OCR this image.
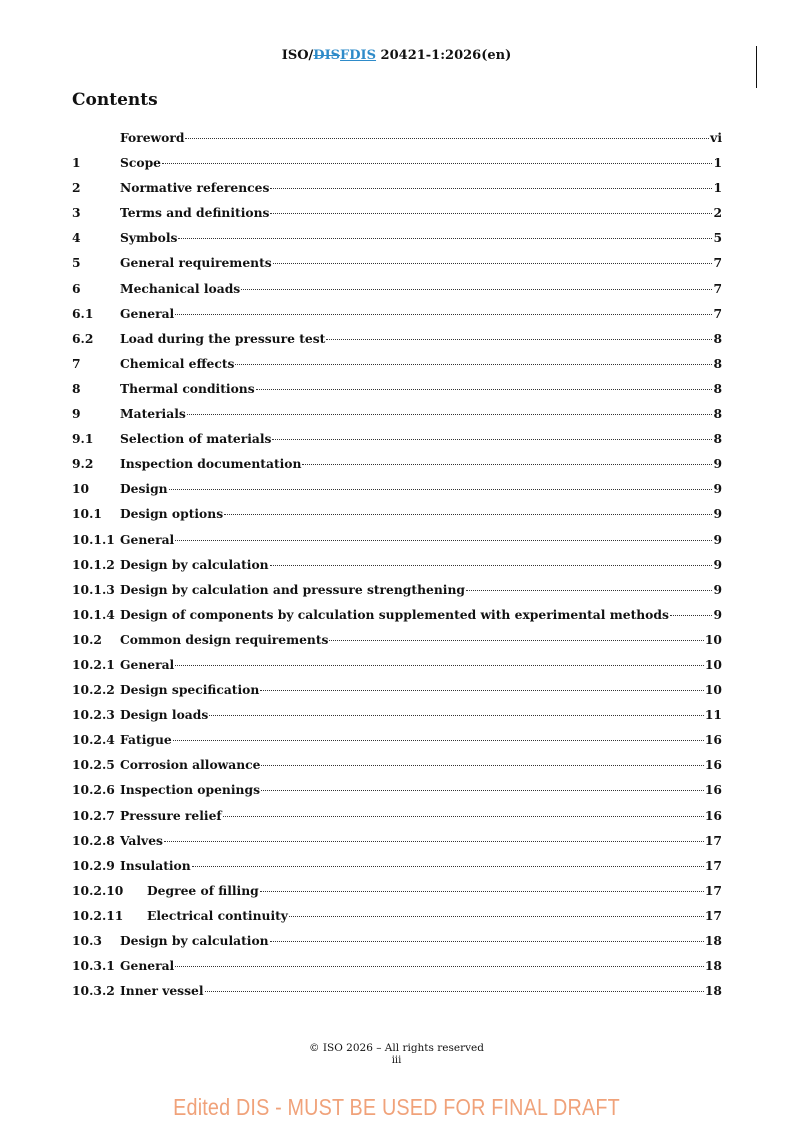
ISO/DISFDIS 20421-1:2026(en)
Contents
Foreword	vi
1	Scope	1
2	Normative references	1
3	Terms and definitions	2
4	Symbols	5
5	General requirements	7
6	Mechanical loads	7
6.1	General	7
6.2	Load during the pressure test	8
7	Chemical effects	8
8	Thermal conditions	8
9	Materials	8
9.1	Selection of materials	8
9.2	Inspection documentation	9
10	Design	9
10.1	Design options	9
10.1.1 General	9
10.1.2 Design by calculation	9
10.1.3 Design by calculation and pressure strengthening	9
10.1.4 Design of components by calculation supplemented with experimental methods	9
10.2	Common design requirements	10
10.2.1 General	10
10.2.2 Design specification	10
10.2.3 Design loads	11
10.2.4 Fatigue	16
10.2.5 Corrosion allowance	16
10.2.6 Inspection openings	16
10.2.7 Pressure relief	16
10.2.8 Valves	17
10.2.9 Insulation	17
10.2.10	Degree of filling	17
10.2.11	Electrical continuity	17
10.3	Design by calculation	18
10.3.1 General	18
10.3.2 Inner vessel	18
© ISO 2026 – All rights reserved
iii
Edited DIS - MUST BE USED FOR FINAL DRAFT
